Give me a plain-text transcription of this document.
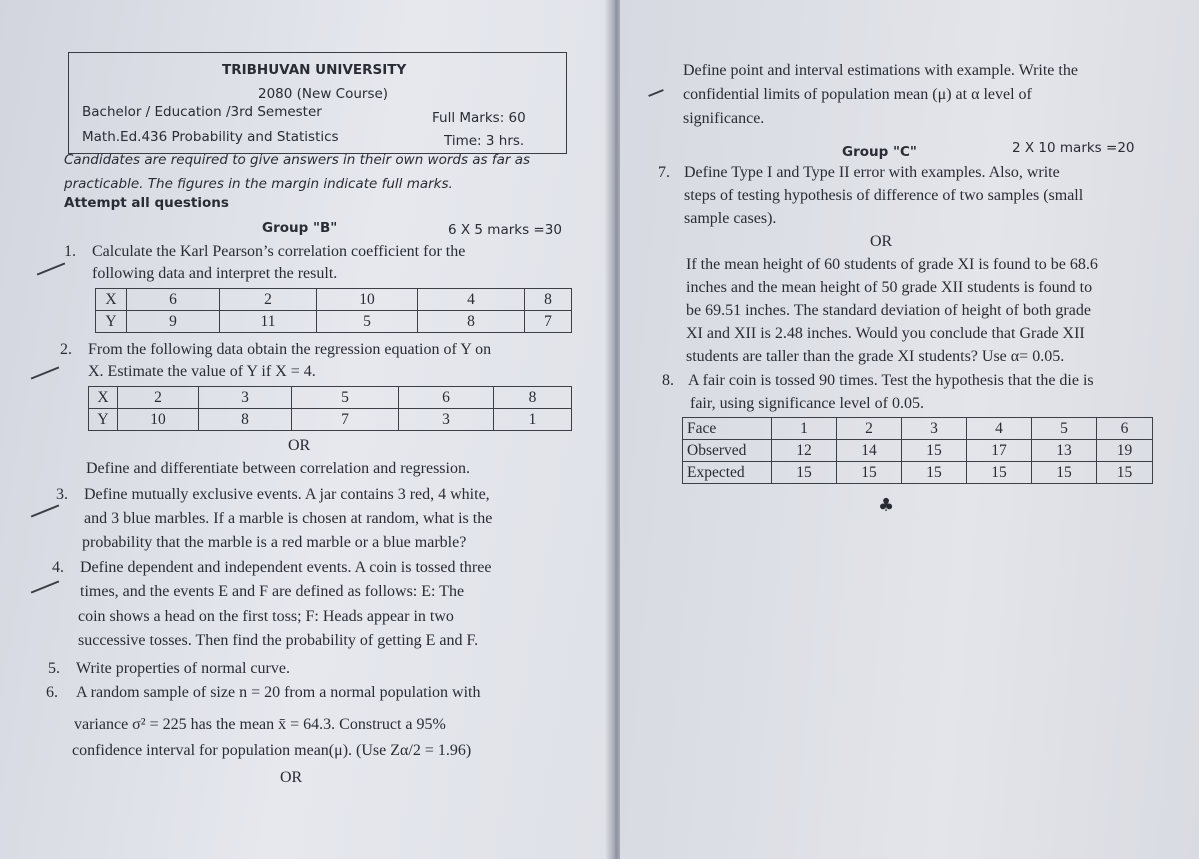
TRIBHUVAN UNIVERSITY
2080 (New Course)
Bachelor / Education /3rd Semester	Full Marks: 60
Math.Ed.436 Probability and Statistics	Time: 3 hrs.
Candidates are required to give answers in their own words as far as
practicable. The figures in the margin indicate full marks.
Attempt all questions
Group "B"	6 X 5 marks =30
1. Calculate the Karl Pearson’s correlation coefficient for the
following data and interpret the result.
X	6	2	10	4	8
Y	9	11	5	8	7
2. From the following data obtain the regression equation of Y on
X. Estimate the value of Y if X = 4.
X	2	3	5	6	8
Y	10	8	7	3	1
OR
Define and differentiate between correlation and regression.
3. Define mutually exclusive events. A jar contains 3 red, 4 white,
and 3 blue marbles. If a marble is chosen at random, what is the
probability that the marble is a red marble or a blue marble?
4. Define dependent and independent events. A coin is tossed three
times, and the events E and F are defined as follows: E: The
coin shows a head on the first toss; F: Heads appear in two
successive tosses. Then find the probability of getting E and F.
5. Write properties of normal curve.
6. A random sample of size n = 20 from a normal population with
variance σ² = 225 has the mean x̄ = 64.3. Construct a 95%
confidence interval for population mean(μ). (Use Zα/2 = 1.96)
OR
Define point and interval estimations with example. Write the
confidential limits of population mean (μ) at α level of
significance.
Group "C"	2 X 10 marks =20
7. Define Type I and Type II error with examples. Also, write
steps of testing hypothesis of difference of two samples (small
sample cases).
OR
If the mean height of 60 students of grade XI is found to be 68.6
inches and the mean height of 50 grade XII students is found to
be 69.51 inches. The standard deviation of height of both grade
XI and XII is 2.48 inches. Would you conclude that Grade XII
students are taller than the grade XI students? Use α= 0.05.
8. A fair coin is tossed 90 times. Test the hypothesis that the die is
fair, using significance level of 0.05.
Face	1	2	3	4	5	6
Observed	12	14	15	17	13	19
Expected	15	15	15	15	15	15
♣
